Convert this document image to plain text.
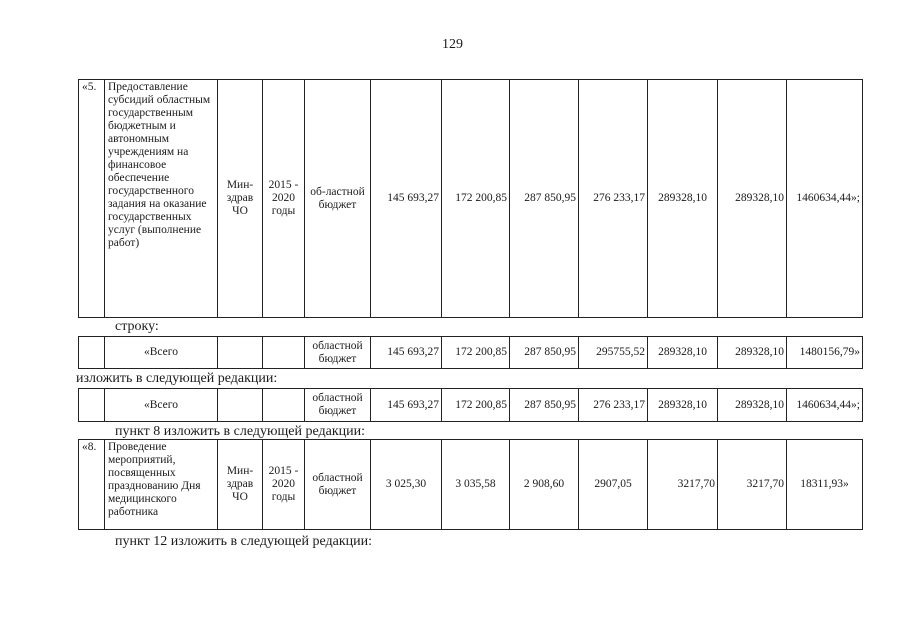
129
«5.	Предоставление субсидий областным государственным бюджетным и автономным учреждениям на финансовое обеспечение государственного задания на оказание государственных услуг (выполнение работ)	Мин-здрав ЧО	2015 - 2020 годы	об-ластной бюджет	145 693,27	172 200,85	287 850,95	276 233,17	289328,10	289328,10	1460634,44»;
строку:
	«Всего			областной бюджет	145 693,27	172 200,85	287 850,95	295755,52	289328,10	289328,10	1480156,79»
изложить в следующей редакции:
	«Всего			областной бюджет	145 693,27	172 200,85	287 850,95	276 233,17	289328,10	289328,10	1460634,44»;
пункт 8 изложить в следующей редакции:
«8.	Проведение мероприятий, посвященных празднованию Дня медицинского работника	Мин-здрав ЧО	2015 - 2020 годы	областной бюджет	3 025,30	3 035,58	2 908,60	2907,05	3217,70	3217,70	18311,93»
пункт 12 изложить в следующей редакции:
